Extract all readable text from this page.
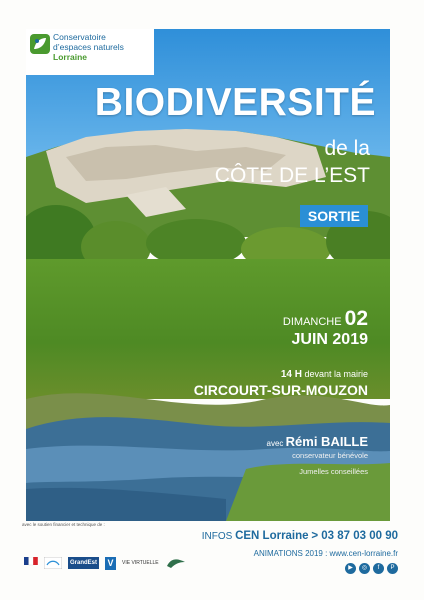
Conservatoire
d’espaces naturels
Lorraine
BIODIVERSITÉ
de la
CÔTE DE L’EST
SORTIE
DIMANCHE 02
JUIN 2019
14 H devant la mairie
CIRCOURT-SUR-MOUZON
avec Rémi BAILLE
conservateur bénévole
Jumelles conseillées
avec le soutien financier et technique de :
GrandEst V	VIE VIRTUELLE
INFOS CEN Lorraine > 03 87 03 00 90
ANIMATIONS 2019 : www.cen-lorraine.fr
▶	◎	f	P
